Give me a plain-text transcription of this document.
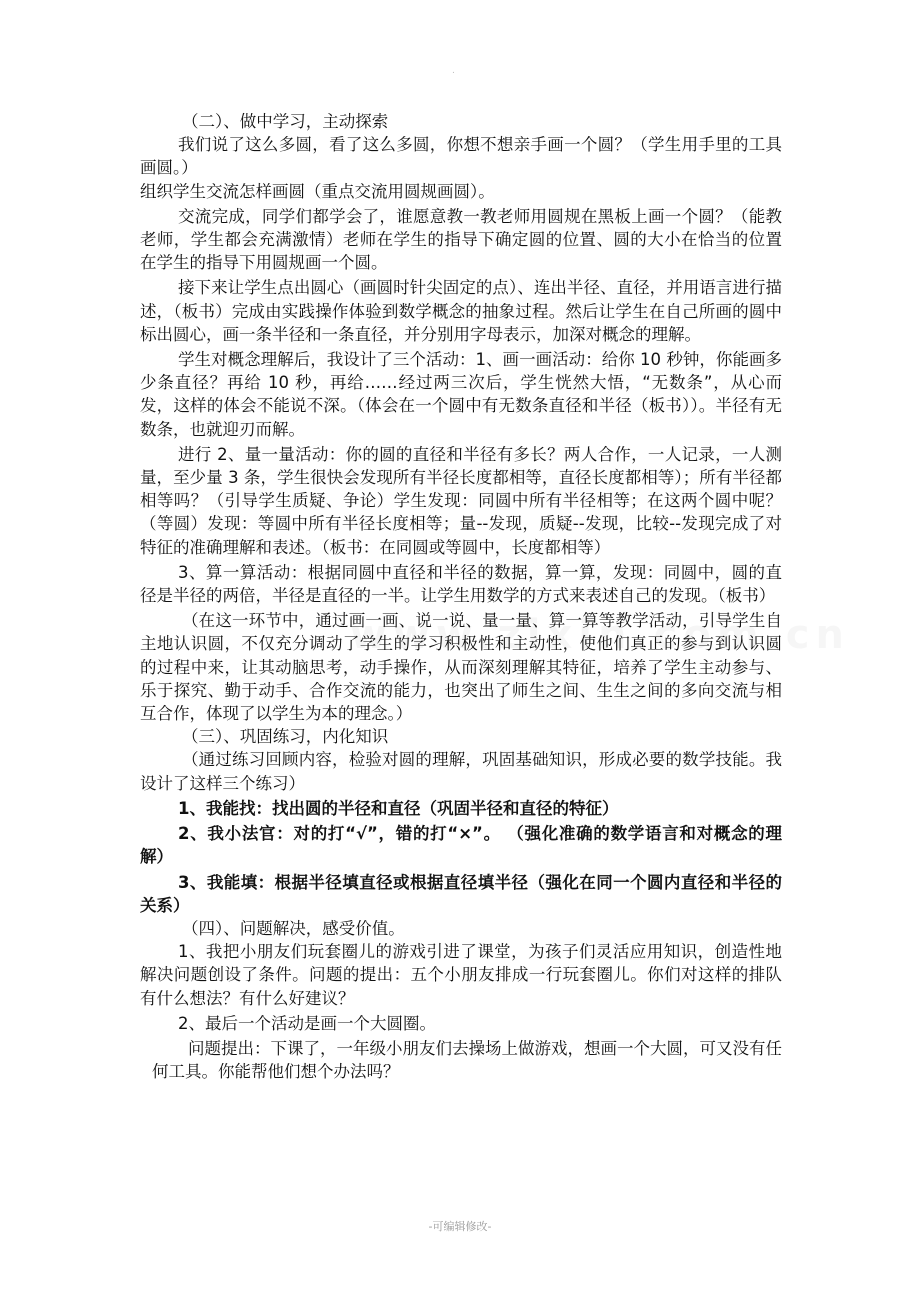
.

（二）、做中学习，主动探索

我们说了这么多圆，看了这么多圆，你想不想亲手画一个圆？（学生用手里的工具画圆。）

组织学生交流怎样画圆（重点交流用圆规画圆）。

交流完成，同学们都学会了，谁愿意教一教老师用圆规在黑板上画一个圆？（能教老师，学生都会充满激情）老师在学生的指导下确定圆的位置、圆的大小在恰当的位置在学生的指导下用圆规画一个圆。

接下来让学生点出圆心（画圆时针尖固定的点）、连出半径、直径，并用语言进行描述，（板书）完成由实践操作体验到数学概念的抽象过程。然后让学生在自己所画的圆中标出圆心，画一条半径和一条直径，并分别用字母表示，加深对概念的理解。

学生对概念理解后，我设计了三个活动：1、画一画活动：给你 10 秒钟，你能画多少条直径？再给 10 秒，再给……经过两三次后，学生恍然大悟，“无数条”，从心而发，这样的体会不能说不深。（体会在一个圆中有无数条直径和半径（板书））。半径有无数条，也就迎刃而解。

进行 2、量一量活动：你的圆的直径和半径有多长？两人合作，一人记录，一人测量，至少量 3 条，学生很快会发现所有半径长度都相等，直径长度都相等）；所有半径都相等吗？（引导学生质疑、争论）学生发现：同圆中所有半径相等；在这两个圆中呢？（等圆）发现：等圆中所有半径长度相等；量--发现，质疑--发现，比较--发现完成了对特征的准确理解和表述。（板书：在同圆或等圆中，长度都相等）

3、算一算活动：根据同圆中直径和半径的数据，算一算，发现：同圆中，圆的直径是半径的两倍，半径是直径的一半。让学生用数学的方式来表述自己的发现。（板书）

（在这一环节中，通过画一画、说一说、量一量、算一算等教学活动，引导学生自主地认识圆，不仅充分调动了学生的学习积极性和主动性，使他们真正的参与到认识圆的过程中来，让其动脑思考，动手操作，从而深刻理解其特征，培养了学生主动参与、乐于探究、勤于动手、合作交流的能力，也突出了师生之间、生生之间的多向交流与相互合作，体现了以学生为本的理念。）

（三）、巩固练习，内化知识

（通过练习回顾内容，检验对圆的理解，巩固基础知识，形成必要的数学技能。我设计了这样三个练习）

1、我能找：找出圆的半径和直径（巩固半径和直径的特征）

2、我小法官：对的打“√”，错的打“×”。 （强化准确的数学语言和对概念的理解）

3、我能填：根据半径填直径或根据直径填半径（强化在同一个圆内直径和半径的关系）

（四）、问题解决，感受价值。

1、我把小朋友们玩套圈儿的游戏引进了课堂，为孩子们灵活应用知识，创造性地解决问题创设了条件。问题的提出：五个小朋友排成一行玩套圈儿。你们对这样的排队有什么想法？有什么好建议？

2、最后一个活动是画一个大圆圈。

问题提出：下课了，一年级小朋友们去操场上做游戏，想画一个大圆，可又没有任何工具。你能帮他们想个办法吗？

-可编辑修改-
